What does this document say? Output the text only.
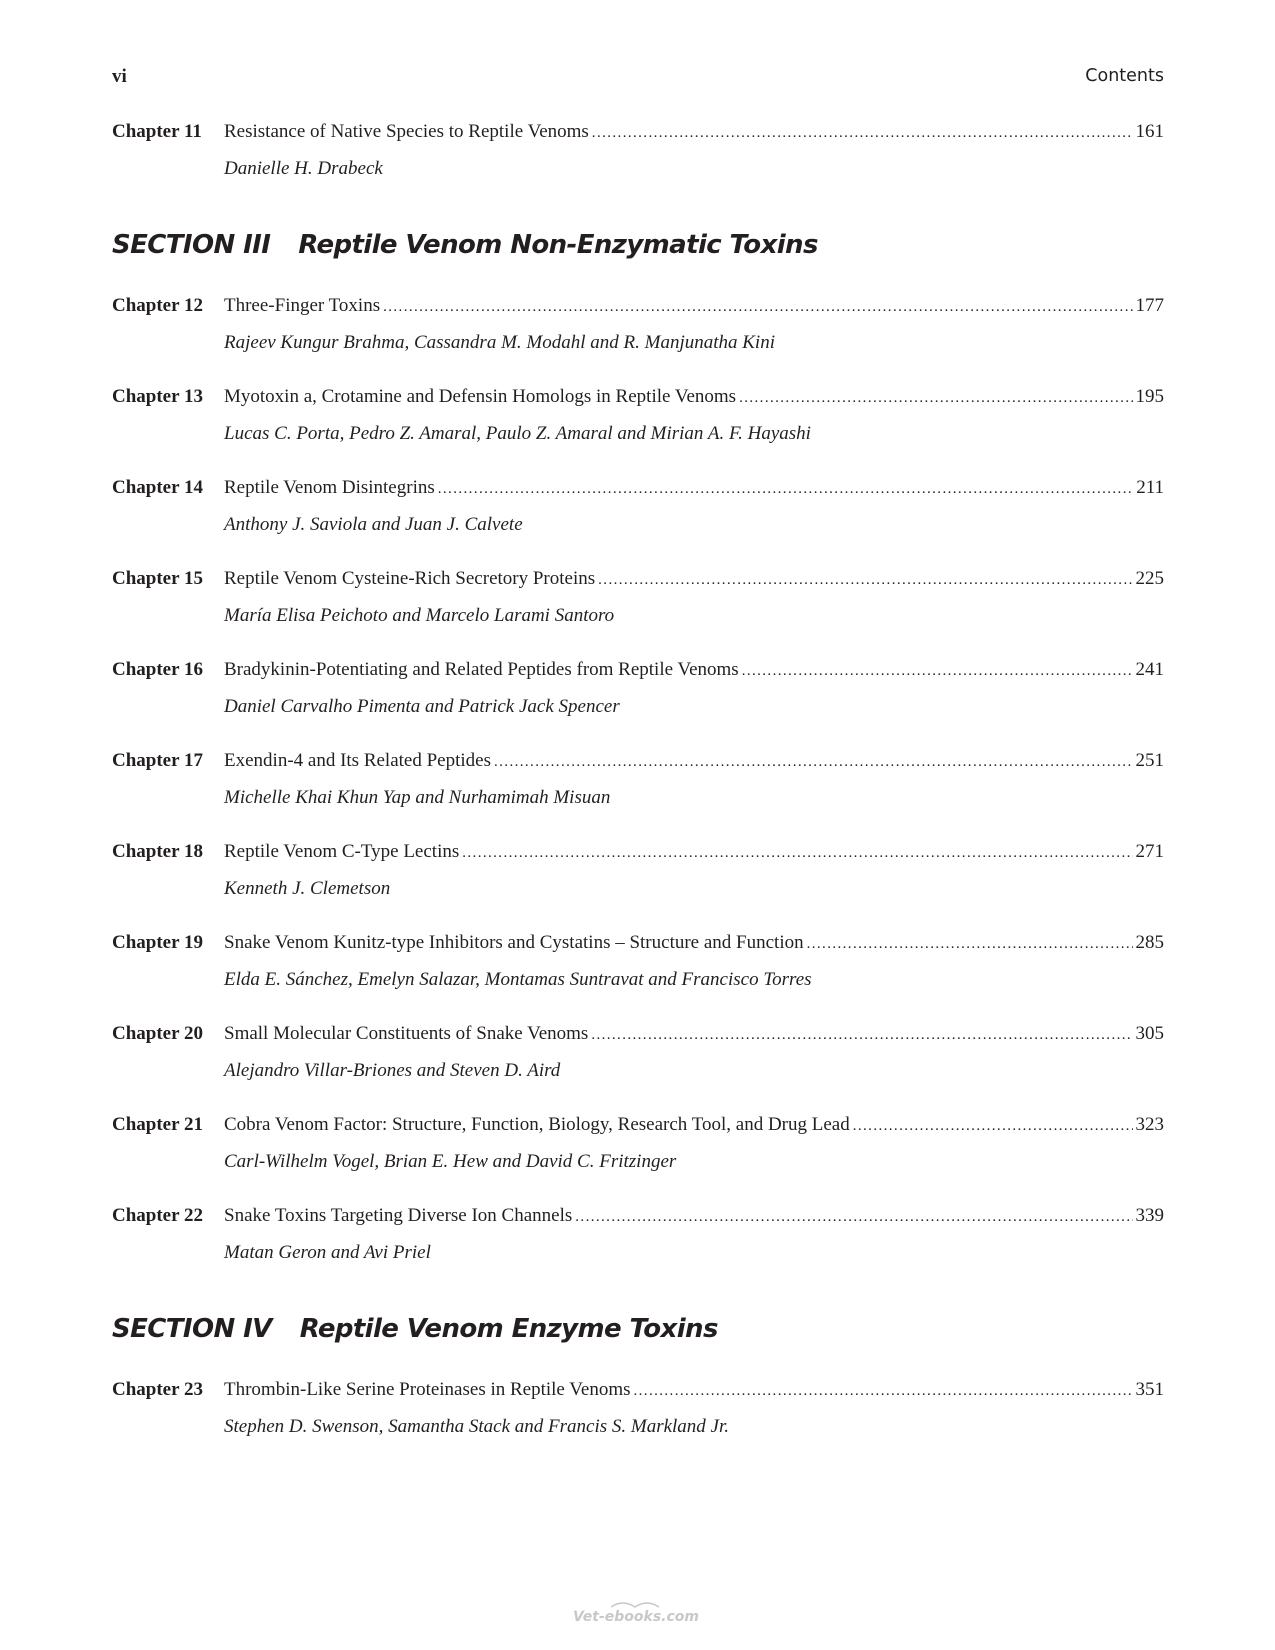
vi	Contents
Chapter 11	Resistance of Native Species to Reptile Venoms .....	161
Danielle H. Drabeck
SECTION III Reptile Venom Non-Enzymatic Toxins
Chapter 12	Three-Finger Toxins .....	177
Rajeev Kungur Brahma, Cassandra M. Modahl and R. Manjunatha Kini
Chapter 13	Myotoxin a, Crotamine and Defensin Homologs in Reptile Venoms .....	195
Lucas C. Porta, Pedro Z. Amaral, Paulo Z. Amaral and Mirian A. F. Hayashi
Chapter 14	Reptile Venom Disintegrins .....	211
Anthony J. Saviola and Juan J. Calvete
Chapter 15	Reptile Venom Cysteine-Rich Secretory Proteins .....	225
María Elisa Peichoto and Marcelo Larami Santoro
Chapter 16	Bradykinin-Potentiating and Related Peptides from Reptile Venoms .....	241
Daniel Carvalho Pimenta and Patrick Jack Spencer
Chapter 17	Exendin-4 and Its Related Peptides .....	251
Michelle Khai Khun Yap and Nurhamimah Misuan
Chapter 18	Reptile Venom C-Type Lectins .....	271
Kenneth J. Clemetson
Chapter 19	Snake Venom Kunitz-type Inhibitors and Cystatins – Structure and Function .....	285
Elda E. Sánchez, Emelyn Salazar, Montamas Suntravat and Francisco Torres
Chapter 20	Small Molecular Constituents of Snake Venoms .....	305
Alejandro Villar-Briones and Steven D. Aird
Chapter 21	Cobra Venom Factor: Structure, Function, Biology, Research Tool, and Drug Lead .....	323
Carl-Wilhelm Vogel, Brian E. Hew and David C. Fritzinger
Chapter 22	Snake Toxins Targeting Diverse Ion Channels .....	339
Matan Geron and Avi Priel
SECTION IV Reptile Venom Enzyme Toxins
Chapter 23	Thrombin-Like Serine Proteinases in Reptile Venoms .....	351
Stephen D. Swenson, Samantha Stack and Francis S. Markland Jr.
Vet-ebooks.com
